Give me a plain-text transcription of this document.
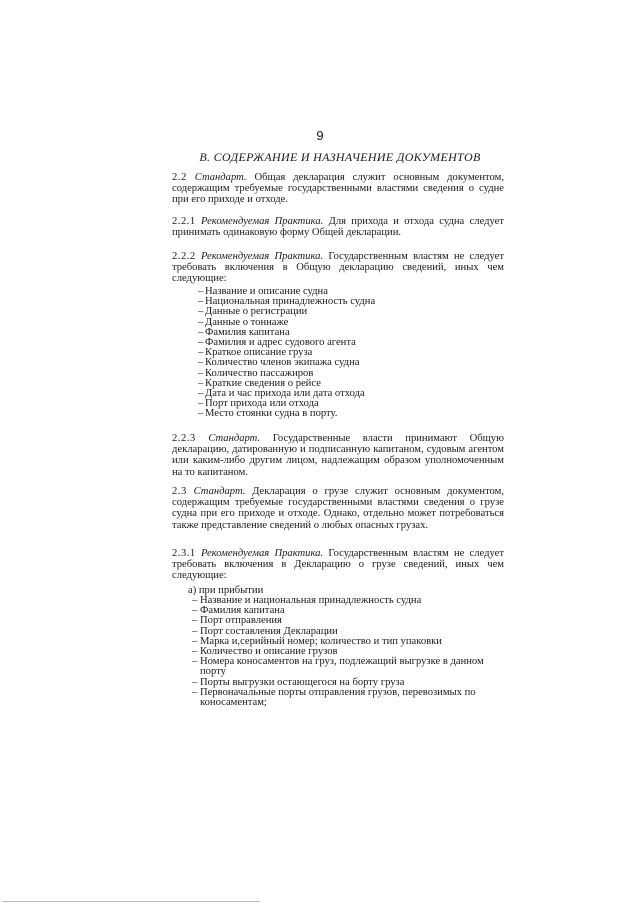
9
B. СОДЕРЖАНИЕ И НАЗНАЧЕНИЕ ДОКУМЕНТОВ
2.2 Стандарт. Общая декларация служит основным документом, содержащим требуемые государственными властями сведения о судне при его приходе и отходе.
2.2.1 Рекомендуемая Практика. Для прихода и отхода судна следует принимать одинаковую форму Общей декларации.
2.2.2 Рекомендуемая Практика. Государственным властям не следует требовать включения в Общую декларацию сведений, иных чем следующие:
– Название и описание судна
– Национальная принадлежность судна
– Данные о регистрации
– Данные о тоннаже
– Фамилия капитана
– Фамилия и адрес судового агента
– Краткое описание груза
– Количество членов экипажа судна
– Количество пассажиров
– Краткие сведения о рейсе
– Дата и час прихода или дата отхода
– Порт прихода или отхода
– Место стоянки судна в порту.
2.2.3 Стандарт. Государственные власти принимают Общую декларацию, датированную и подписанную капитаном, судовым агентом или каким-либо другим лицом, надлежащим образом уполномоченным на то капитаном.
2.3 Стандарт. Декларация о грузе служит основным документом, содержащим требуемые государственными властями сведения о грузе судна при его приходе и отходе. Однако, отдельно может потребоваться также представление сведений о любых опасных грузах.
2.3.1 Рекомендуемая Практика. Государственным властям не следует требовать включения в Декларацию о грузе сведений, иных чем следующие:
а) при прибытии
– Название и национальная принадлежность судна
– Фамилия капитана
– Порт отправления
– Порт составления Декларации
– Марка и,серийный номер; количество и тип упаковки
– Количество и описание грузов
– Номера коносаментов на груз, подлежащий выгрузке в данном порту
– Порты выгрузки остающегося на борту груза
– Первоначальные порты отправления грузов, перевозимых по коносаментам;
